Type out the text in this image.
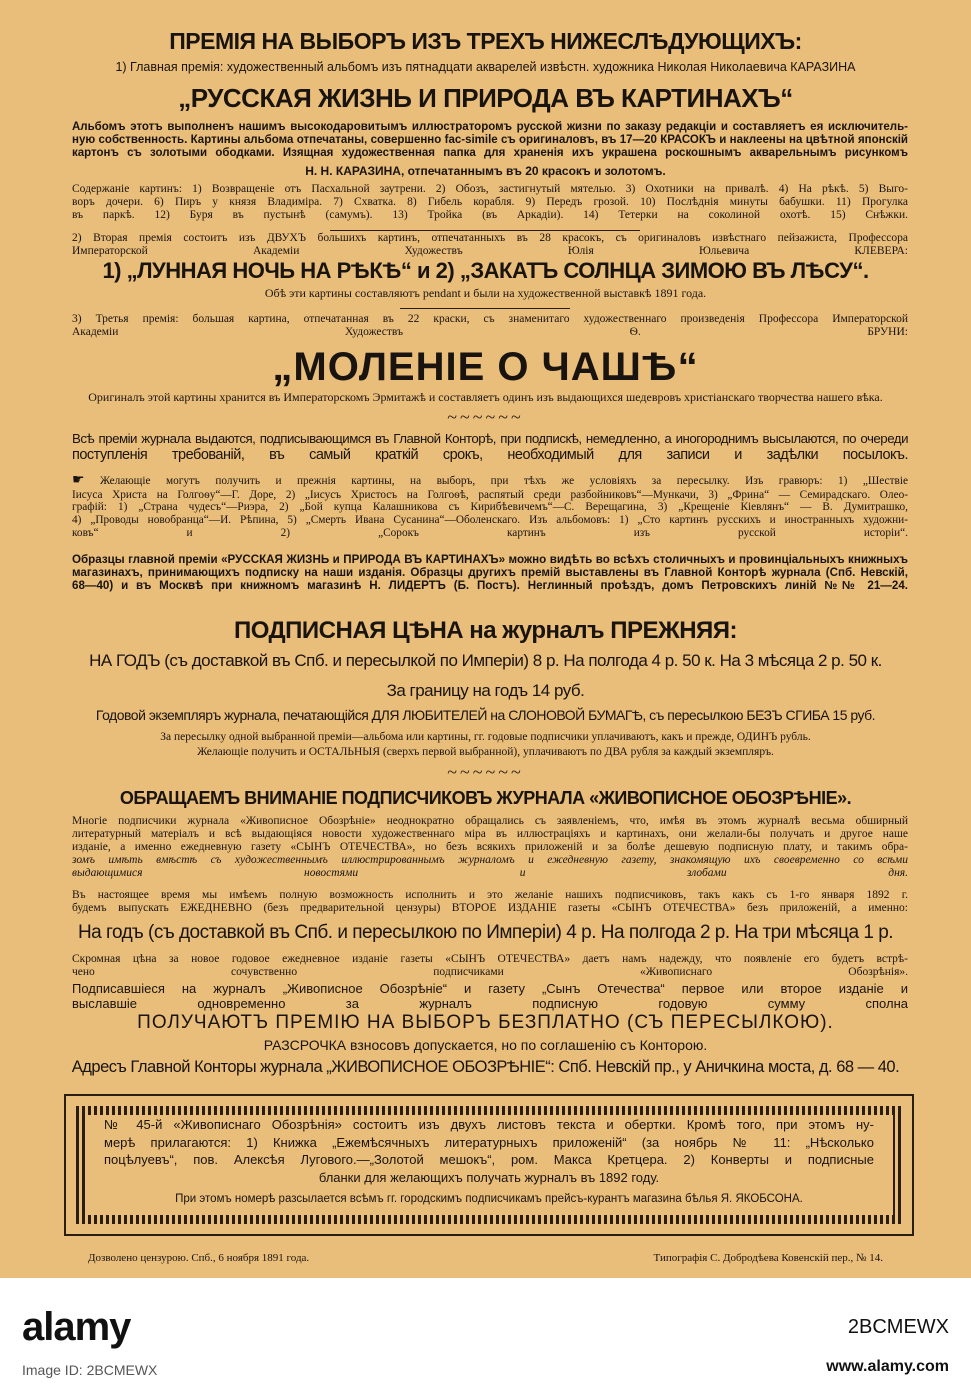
ПРЕМІЯ НА ВЫБОРЪ ИЗЪ ТРЕХЪ НИЖЕСЛѢДУЮЩИХЪ:
1) Главная премія: художественный альбомъ изъ пятнадцати акварелей извѣстн. художника Николая Николаевича КАРАЗИНА
„РУССКАЯ ЖИЗНЬ И ПРИРОДА ВЪ КАРТИНАХЪ“
Альбомъ этотъ выполненъ нашимъ высокодаровитымъ иллюстраторомъ русской жизни по заказу редакціи и составляетъ ея исключитель-
ную собственность. Картины альбома отпечатаны, совершенно fac-simile съ оригиналовъ, въ 17—20 КРАСОКЪ и наклеены на цвѣтной японскій
картонъ съ золотыми ободками. Изящная художественная папка для храненія ихъ украшена роскошнымъ акварельнымъ рисункомъ
Н. Н. КАРАЗИНА, отпечатаннымъ въ 20 красокъ и золотомъ.
Содержаніе картинъ: 1) Возвращеніе отъ Пасхальной заутрени. 2) Обозъ, застигнутый мятелью. 3) Охотники на привалѣ. 4) На рѣкѣ. 5) Выго-
воръ дочери. 6) Пиръ у князя Владиміра. 7) Схватка. 8) Гибель корабля. 9) Передъ грозой. 10) Послѣднія минуты бабушки. 11) Прогулка
въ паркѣ. 12) Буря въ пустынѣ (самумъ). 13) Тройка (въ Аркадіи). 14) Тетерки на соколиной охотѣ. 15) Снѣжки.
2) Вторая премія состоитъ изъ ДВУХЪ большихъ картинъ, отпечатанныхъ въ 28 красокъ, съ оригиналовъ извѣстнаго пейзажиста, Профессора
Императорской Академіи Художествъ Юлія Юльевича КЛЕВЕРА:
1) „ЛУННАЯ НОЧЬ НА РѢКѢ“ и 2) „ЗАКАТЪ СОЛНЦА ЗИМОЮ ВЪ ЛѢСУ“.
Обѣ эти картины составляютъ pendant и были на художественной выставкѣ 1891 года.
3) Третья премія: большая картина, отпечатанная въ 22 краски, съ знаменитаго художественнаго произведенія Профессора Императорской
Академіи Художествъ Ѳ. БРУНИ:
„МОЛЕНІЕ О ЧАШѢ“
Оригиналъ этой картины хранится въ Императорскомъ Эрмитажѣ и составляетъ одинъ изъ выдающихся шедевровъ христіанскаго творчества нашего вѣка.
~~~~~~
Всѣ преміи журнала выдаются, подписывающимся въ Главной Конторѣ, при подпискѣ, немедленно, а иногороднимъ высылаются, по очереди
поступленія требованій, въ самый краткій срокъ, необходимый для записи и задѣлки посылокъ.
☛ Желающіе могутъ получить и прежнія картины, на выборъ, при тѣхъ же условіяхъ за пересылку. Изъ гравюръ: 1) „Шествіе
Іисуса Христа на Голгоѳу“—Г. Доре, 2) „Іисусъ Христосъ на Голгоѳѣ, распятый среди разбойниковъ“—Мункачи, 3) „Фрина“ — Семирадскаго. Олео-
графій: 1) „Страна чудесъ“—Риэра, 2) „Бой купца Калашникова съ Кирибѣевичемъ“—С. Верещагина, 3) „Крещеніе Кіевлянъ“ — В. Думитрашко,
4) „Проводы новобранца“—И. Рѣпина, 5) „Смерть Ивана Сусанина“—Оболенскаго. Изъ альбомовъ: 1) „Сто картинъ русскихъ и иностранныхъ художни-
ковъ“ и 2) „Сорокъ картинъ изъ русской исторіи“.
Образцы главной преміи «РУССКАЯ ЖИЗНЬ и ПРИРОДА ВЪ КАРТИНАХЪ» можно видѣть во всѣхъ столичныхъ и провинціальныхъ книжныхъ
магазинахъ, принимающихъ подписку на наши изданія. Образцы другихъ премій выставлены въ Главной Конторѣ журнала (Спб. Невскій,
68—40) и въ Москвѣ при книжномъ магазинѣ Н. ЛИДЕРТЪ (Б. Постъ). Неглинный проѣздъ, домъ Петровскихъ линій №№ 21—24.
ПОДПИСНАЯ ЦѢНА на журналъ ПРЕЖНЯЯ:
НА ГОДЪ (съ доставкой въ Спб. и пересылкой по Имперіи) 8 р. На полгода 4 р. 50 к. На 3 мѣсяца 2 р. 50 к.
За границу на годъ 14 руб.
Годовой экземпляръ журнала, печатающійся ДЛЯ ЛЮБИТЕЛЕЙ на СЛОНОВОЙ БУМАГѢ, съ пересылкою БЕЗЪ СГИБА 15 руб.
За пересылку одной выбранной преміи—альбома или картины, гг. годовые подписчики уплачиваютъ, какъ и прежде, ОДИНЪ рубль.
Желающіе получить и ОСТАЛЬНЫЯ (сверхъ первой выбранной), уплачиваютъ по ДВА рубля за каждый экземпляръ.
~~~~~~
ОБРАЩАЕМЪ ВНИМАНІЕ ПОДПИСЧИКОВЪ ЖУРНАЛА «ЖИВОПИСНОЕ ОБОЗРѢНІЕ».
Многіе подписчики журнала «Живописное Обозрѣніе» неоднократно обращались съ заявленіемъ, что, имѣя въ этомъ журналѣ весьма обширный
литературный матеріалъ и всѣ выдающіяся новости художественнаго міра въ иллюстраціяхъ и картинахъ, они желали-бы получать и другое наше
изданіе, а именно ежедневную газету «СЫНЪ ОТЕЧЕСТВА», но безъ всякихъ приложеній и за болѣе дешевую подписную плату, и такимъ обра-
зомъ имѣть вмѣстѣ съ художественнымъ иллюстрированнымъ журналомъ и ежедневную газету, знакомящую ихъ своевременно со всѣми
выдающимися новостями и злобами дня.
Въ настоящее время мы имѣемъ полную возможность исполнить и это желаніе нашихъ подписчиковъ, такъ какъ съ 1-го января 1892 г.
будемъ выпускать ЕЖЕДНЕВНО (безъ предварительной цензуры) ВТОРОЕ ИЗДАНІЕ газеты «СЫНЪ ОТЕЧЕСТВА» безъ приложеній, а именно:
На годъ (съ доставкой въ Спб. и пересылкою по Имперіи) 4 р. На полгода 2 р. На три мѣсяца 1 р.
Скромная цѣна за новое годовое ежедневное изданіе газеты «СЫНЪ ОТЕЧЕСТВА» даетъ намъ надежду, что появленіе его будетъ встрѣ-
чено сочувственно подписчиками «Живописнаго Обозрѣнія».
Подписавшіеся на журналъ „Живописное Обозрѣніе“ и газету „Сынъ Отечества“ первое или второе изданіе и
выславшіе одновременно за журналъ подписную годовую сумму сполна
ПОЛУЧАЮТЪ ПРЕМІЮ НА ВЫБОРЪ БЕЗПЛАТНО (СЪ ПЕРЕСЫЛКОЮ).
РАЗСРОЧКА взносовъ допускается, но по соглашенію съ Конторою.
Адресъ Главной Конторы журнала „ЖИВОПИСНОЕ ОБОЗРѢНІЕ“: Спб. Невскій пр., у Аничкина моста, д. 68 — 40.
№ 45-й «Живописнаго Обозрѣнія» состоитъ изъ двухъ листовъ текста и обертки. Кромѣ того, при этомъ ну-
мерѣ прилагаются: 1) Книжка „Ежемѣсячныхъ литературныхъ приложеній“ (за ноябрь № 11: „Нѣсколько
поцѣлуевъ“, пов. Алексѣя Лугового.—„Золотой мешокъ“, ром. Макса Кретцера. 2) Конверты и подписные
бланки для желающихъ получать журналъ въ 1892 году.
При этомъ номерѣ разсылается всѣмъ гг. городскимъ подписчикамъ прейсъ-курантъ магазина бѣлья Я. ЯКОБСОНА.
Дозволено цензурою. Спб., 6 ноября 1891 года.	Типографія С. Добродѣева Ковенскій пер., № 14.
alamy
Image ID: 2BCMEWX
2BCMEWX
www.alamy.com
